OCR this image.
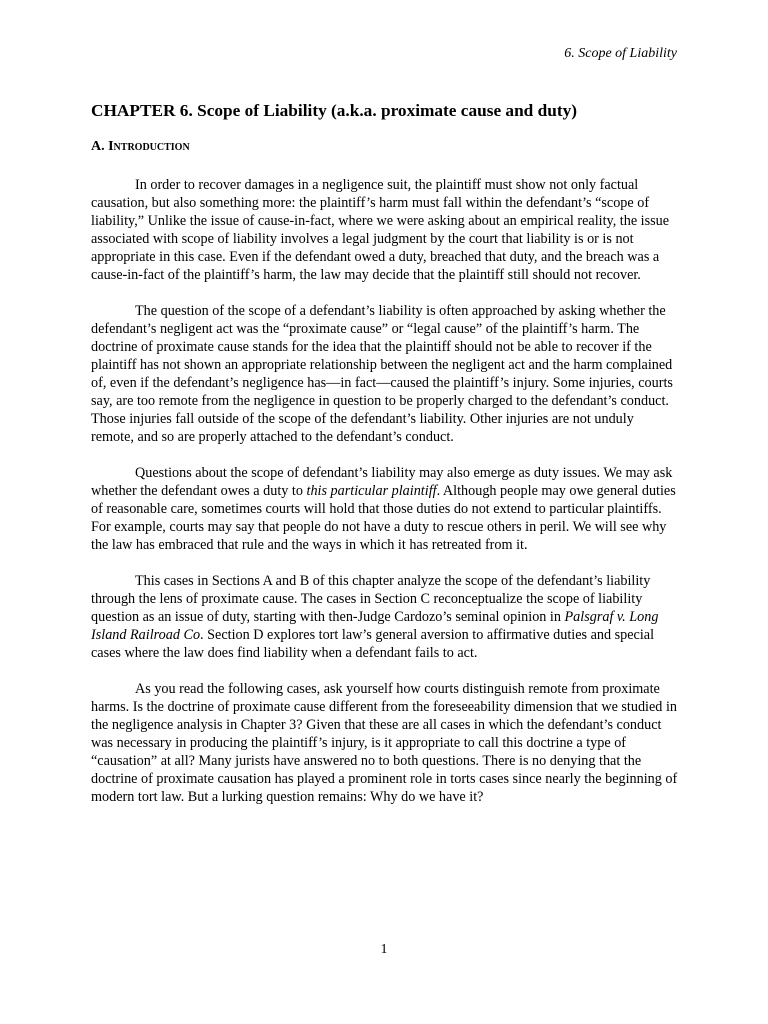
6. Scope of Liability
CHAPTER 6. Scope of Liability (a.k.a. proximate cause and duty)
A. Introduction

In order to recover damages in a negligence suit, the plaintiff must show not only factual causation, but also something more: the plaintiff’s harm must fall within the defendant’s “scope of liability,” Unlike the issue of cause-in-fact, where we were asking about an empirical reality, the issue associated with scope of liability involves a legal judgment by the court that liability is or is not appropriate in this case. Even if the defendant owed a duty, breached that duty, and the breach was a cause-in-fact of the plaintiff’s harm, the law may decide that the plaintiff still should not recover.

The question of the scope of a defendant’s liability is often approached by asking whether the defendant’s negligent act was the “proximate cause” or “legal cause” of the plaintiff’s harm. The doctrine of proximate cause stands for the idea that the plaintiff should not be able to recover if the plaintiff has not shown an appropriate relationship between the negligent act and the harm complained of, even if the defendant’s negligence has—in fact—caused the plaintiff’s injury. Some injuries, courts say, are too remote from the negligence in question to be properly charged to the defendant’s conduct. Those injuries fall outside of the scope of the defendant’s liability. Other injuries are not unduly remote, and so are properly attached to the defendant’s conduct.

Questions about the scope of defendant’s liability may also emerge as duty issues. We may ask whether the defendant owes a duty to this particular plaintiff. Although people may owe general duties of reasonable care, sometimes courts will hold that those duties do not extend to particular plaintiffs. For example, courts may say that people do not have a duty to rescue others in peril. We will see why the law has embraced that rule and the ways in which it has retreated from it.

This cases in Sections A and B of this chapter analyze the scope of the defendant’s liability through the lens of proximate cause. The cases in Section C reconceptualize the scope of liability question as an issue of duty, starting with then-Judge Cardozo’s seminal opinion in Palsgraf v. Long Island Railroad Co. Section D explores tort law’s general aversion to affirmative duties and special cases where the law does find liability when a defendant fails to act.

As you read the following cases, ask yourself how courts distinguish remote from proximate harms. Is the doctrine of proximate cause different from the foreseeability dimension that we studied in the negligence analysis in Chapter 3? Given that these are all cases in which the defendant’s conduct was necessary in producing the plaintiff’s injury, is it appropriate to call this doctrine a type of “causation” at all? Many jurists have answered no to both questions. There is no denying that the doctrine of proximate causation has played a prominent role in torts cases since nearly the beginning of modern tort law. But a lurking question remains: Why do we have it?

1
